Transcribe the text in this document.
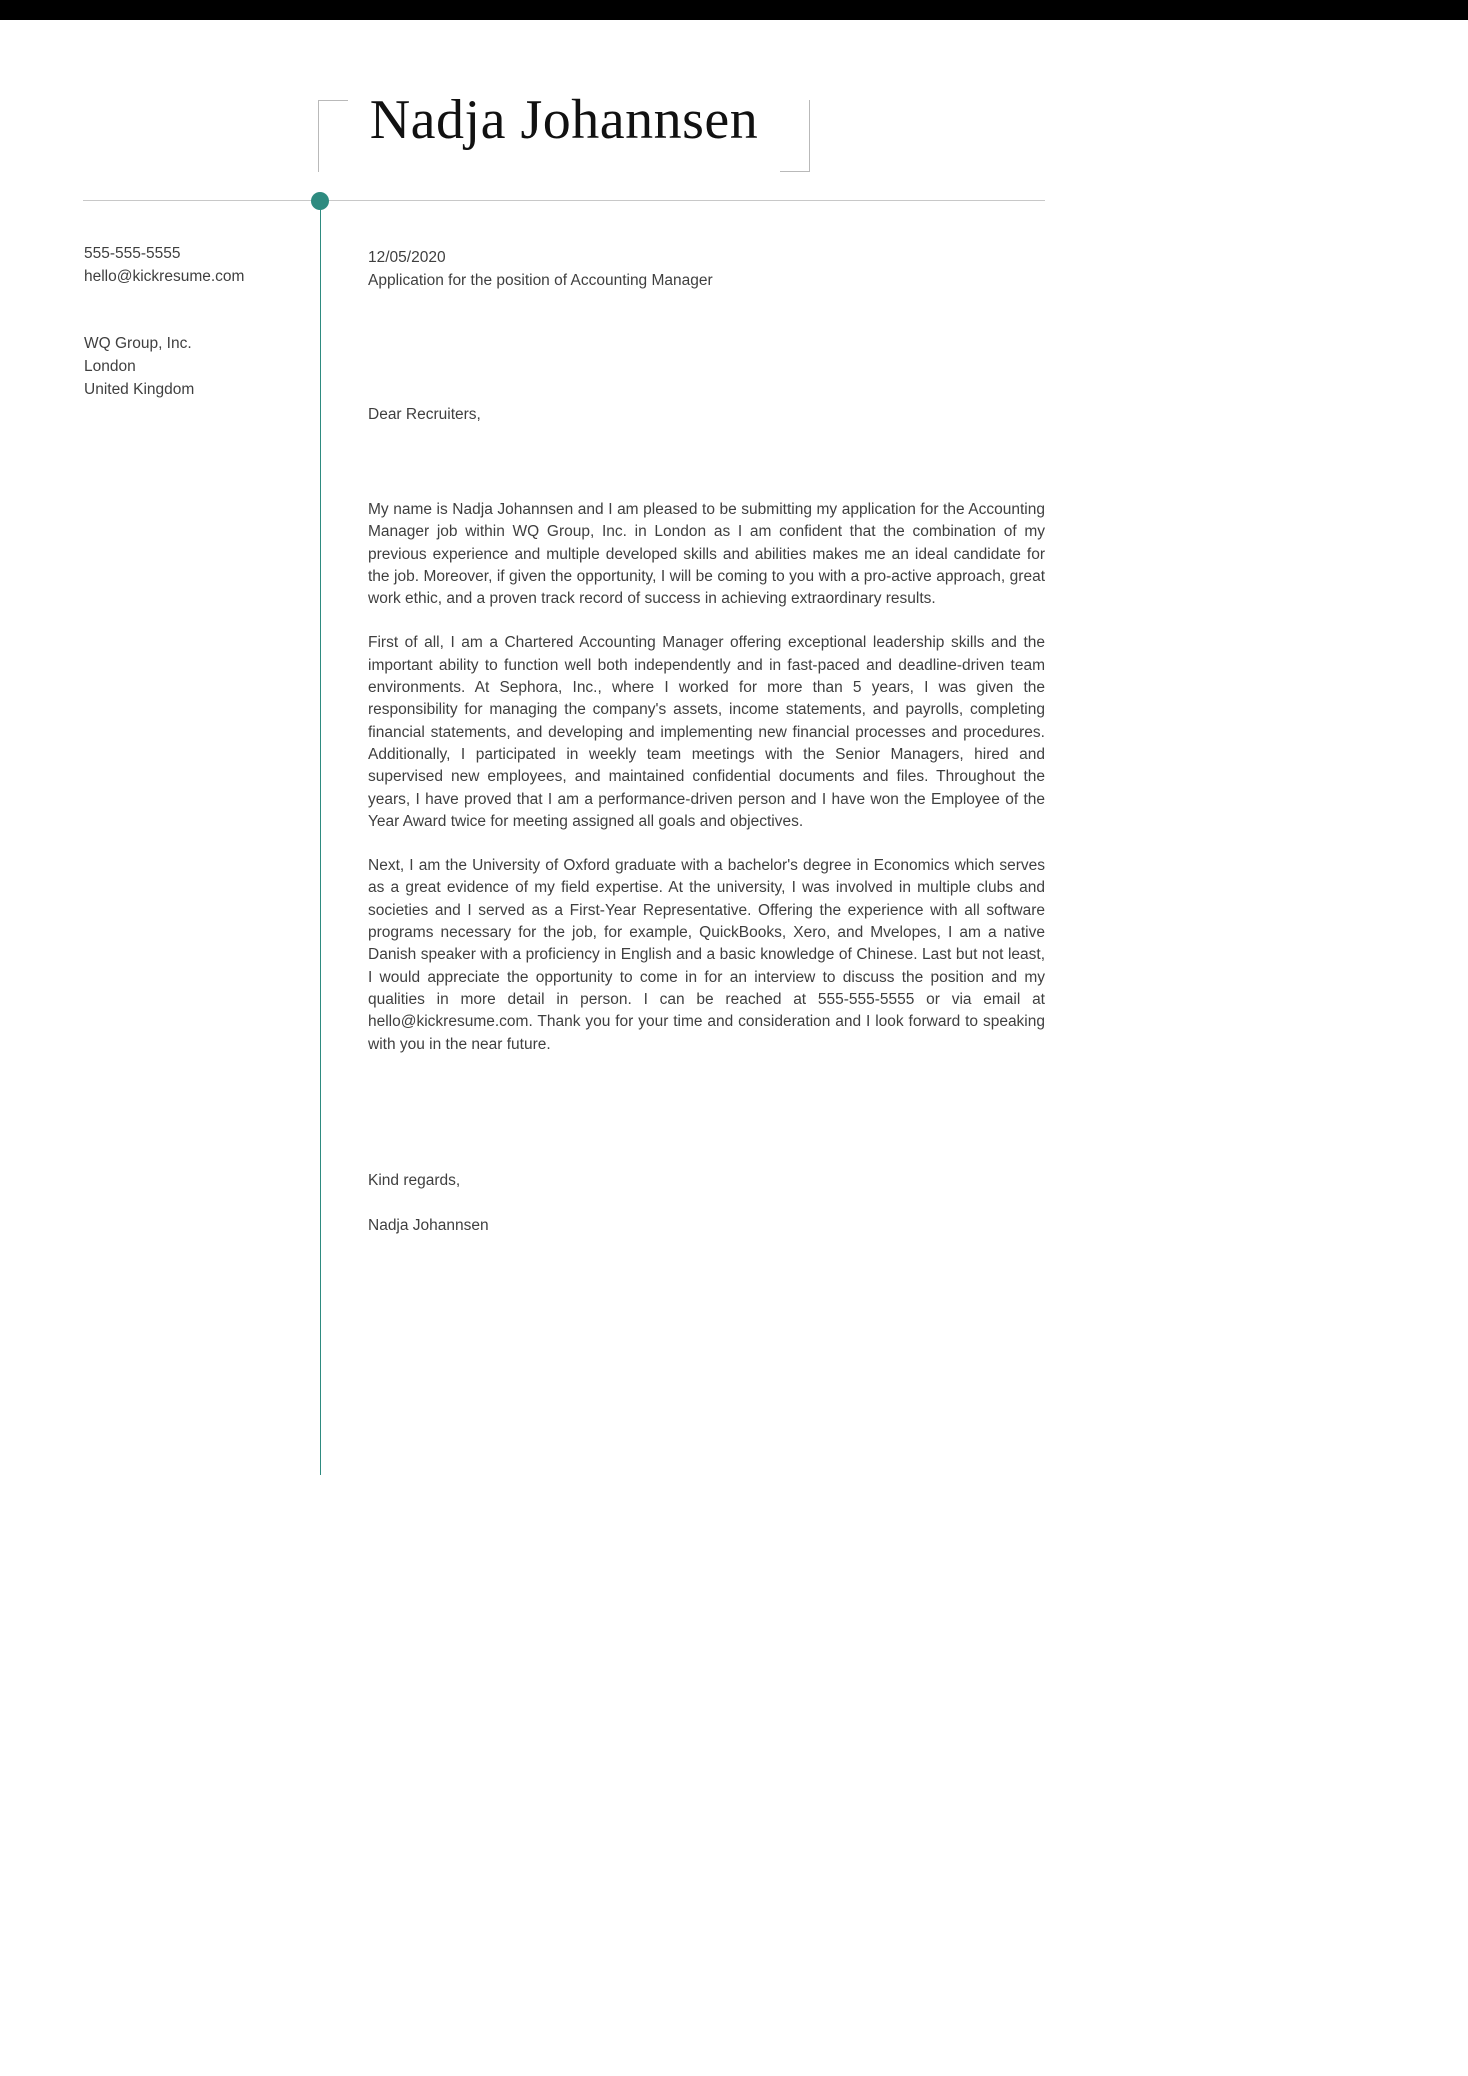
Nadja Johannsen
555-555-5555
hello@kickresume.com
WQ Group, Inc.
London
United Kingdom
12/05/2020
Application for the position of Accounting Manager
Dear Recruiters,
My name is Nadja Johannsen and I am pleased to be submitting my application for the Accounting Manager job within WQ Group, Inc. in London as I am confident that the combination of my previous experience and multiple developed skills and abilities makes me an ideal candidate for the job. Moreover, if given the opportunity, I will be coming to you with a pro-active approach, great work ethic, and a proven track record of success in achieving extraordinary results.
First of all, I am a Chartered Accounting Manager offering exceptional leadership skills and the important ability to function well both independently and in fast-paced and deadline-driven team environments. At Sephora, Inc., where I worked for more than 5 years, I was given the responsibility for managing the company's assets, income statements, and payrolls, completing financial statements, and developing and implementing new financial processes and procedures. Additionally, I participated in weekly team meetings with the Senior Managers, hired and supervised new employees, and maintained confidential documents and files. Throughout the years, I have proved that I am a performance-driven person and I have won the Employee of the Year Award twice for meeting assigned all goals and objectives.
Next, I am the University of Oxford graduate with a bachelor's degree in Economics which serves as a great evidence of my field expertise. At the university, I was involved in multiple clubs and societies and I served as a First-Year Representative. Offering the experience with all software programs necessary for the job, for example, QuickBooks, Xero, and Mvelopes, I am a native Danish speaker with a proficiency in English and a basic knowledge of Chinese. Last but not least, I would appreciate the opportunity to come in for an interview to discuss the position and my qualities in more detail in person. I can be reached at 555-555-5555 or via email at hello@kickresume.com. Thank you for your time and consideration and I look forward to speaking with you in the near future.
Kind regards,
Nadja Johannsen
